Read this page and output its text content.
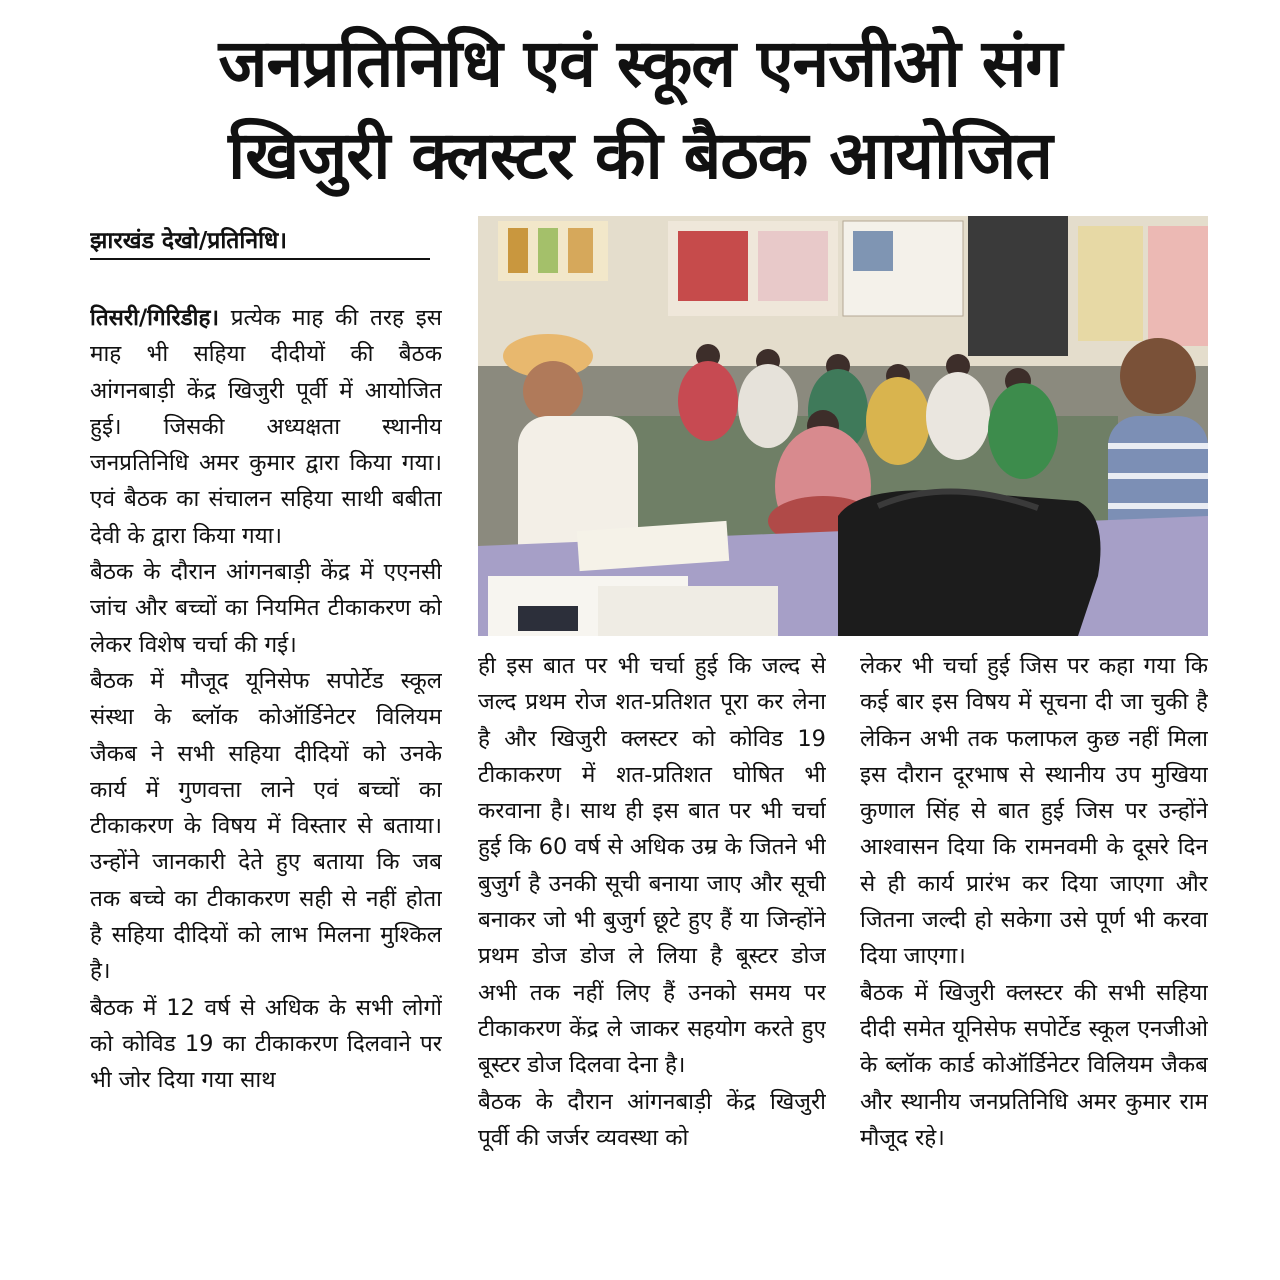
जनप्रतिनिधि एवं स्कूल एनजीओ संग
खिजुरी क्लस्टर की बैठक आयोजित
झारखंड देखो/प्रतिनिधि।

तिसरी/गिरिडीह। प्रत्येक माह की तरह इस माह भी सहिया दीदीयों की बैठक आंगनबाड़ी केंद्र खिजुरी पूर्वी में आयोजित हुई। जिसकी अध्यक्षता स्थानीय जनप्रतिनिधि अमर कुमार द्वारा किया गया। एवं बैठक का संचालन सहिया साथी बबीता देवी के द्वारा किया गया।

बैठक के दौरान आंगनबाड़ी केंद्र में एएनसी जांच और बच्चों का नियमित टीकाकरण को लेकर विशेष चर्चा की गई।

बैठक में मौजूद यूनिसेफ सपोर्टेड स्कूल संस्था के ब्लॉक कोऑर्डिनेटर विलियम जैकब ने सभी सहिया दीदियों को उनके कार्य में गुणवत्ता लाने एवं बच्चों का टीकाकरण के विषय में विस्तार से बताया। उन्होंने जानकारी देते हुए बताया कि जब तक बच्चे का टीकाकरण सही से नहीं होता है सहिया दीदियों को लाभ मिलना मुश्किल है।

बैठक में 12 वर्ष से अधिक के सभी लोगों को कोविड 19 का टीकाकरण दिलवाने पर भी जोर दिया गया साथ

ही इस बात पर भी चर्चा हुई कि जल्द से जल्द प्रथम रोज शत-प्रतिशत पूरा कर लेना है और खिजुरी क्लस्टर को कोविड 19 टीकाकरण में शत-प्रतिशत घोषित भी करवाना है। साथ ही इस बात पर भी चर्चा हुई कि 60 वर्ष से अधिक उम्र के जितने भी बुजुर्ग है उनकी सूची बनाया जाए और सूची बनाकर जो भी बुजुर्ग छूटे हुए हैं या जिन्होंने प्रथम डोज डोज ले लिया है बूस्टर डोज अभी तक नहीं लिए हैं उनको समय पर टीकाकरण केंद्र ले जाकर सहयोग करते हुए बूस्टर डोज दिलवा देना है।

बैठक के दौरान आंगनबाड़ी केंद्र खिजुरी पूर्वी की जर्जर व्यवस्था को

लेकर भी चर्चा हुई जिस पर कहा गया कि कई बार इस विषय में सूचना दी जा चुकी है लेकिन अभी तक फलाफल कुछ नहीं मिला इस दौरान दूरभाष से स्थानीय उप मुखिया कुणाल सिंह से बात हुई जिस पर उन्होंने आश्वासन दिया कि रामनवमी के दूसरे दिन से ही कार्य प्रारंभ कर दिया जाएगा और जितना जल्दी हो सकेगा उसे पूर्ण भी करवा दिया जाएगा।

बैठक में खिजुरी क्लस्टर की सभी सहिया दीदी समेत यूनिसेफ सपोर्टेड स्कूल एनजीओ के ब्लॉक कार्ड कोऑर्डिनेटर विलियम जैकब और स्थानीय जनप्रतिनिधि अमर कुमार राम मौजूद रहे।
